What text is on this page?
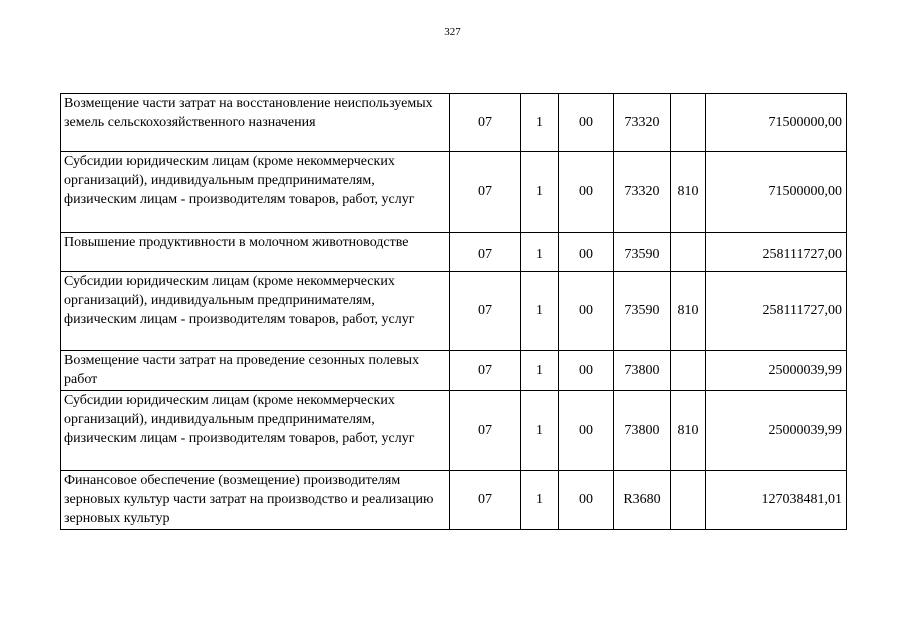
327
Возмещение части затрат на восстановление неиспользуемых земель сельскохозяйственного назначения	07	1	00	73320		71500000,00
Субсидии юридическим лицам (кроме некоммерческих организаций), индивидуальным предпринимателям, физическим лицам - производителям товаров, работ, услуг	07	1	00	73320	810	71500000,00
Повышение продуктивности в молочном животноводстве	07	1	00	73590		258111727,00
Субсидии юридическим лицам (кроме некоммерческих организаций), индивидуальным предпринимателям, физическим лицам - производителям товаров, работ, услуг	07	1	00	73590	810	258111727,00
Возмещение части затрат на проведение сезонных полевых работ	07	1	00	73800		25000039,99
Субсидии юридическим лицам (кроме некоммерческих организаций), индивидуальным предпринимателям, физическим лицам - производителям товаров, работ, услуг	07	1	00	73800	810	25000039,99
Финансовое обеспечение (возмещение) производителям зерновых культур части затрат на производство и реализацию зерновых культур	07	1	00	R3680		127038481,01
